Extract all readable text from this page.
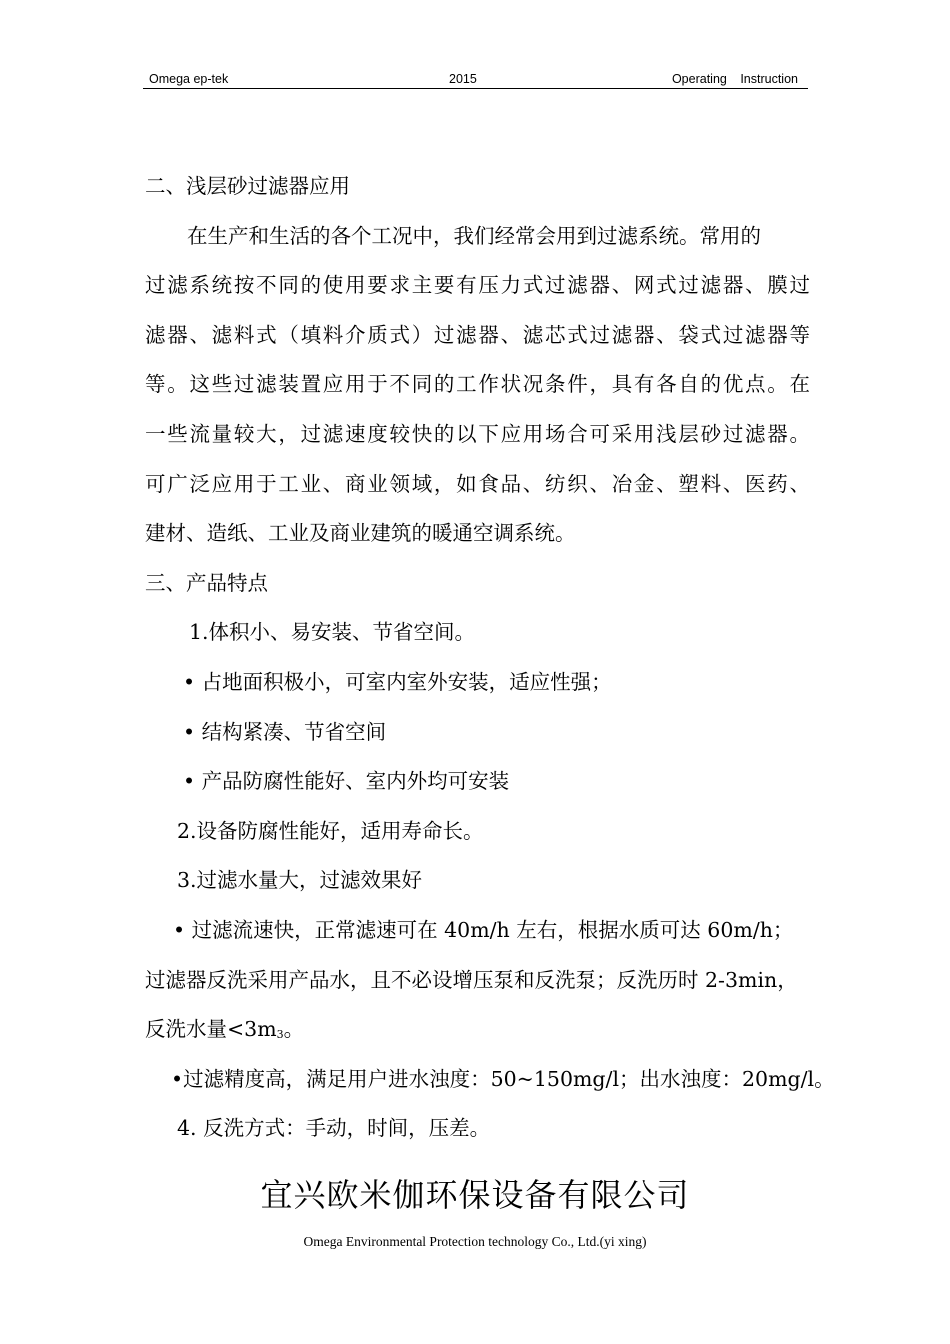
Omega ep-tek	2015	Operating Instruction
二、浅层砂过滤器应用
在生产和生活的各个工况中，我们经常会用到过滤系统。常用的
过滤系统按不同的使用要求主要有压力式过滤器、网式过滤器、膜过
滤器、滤料式（填料介质式）过滤器、滤芯式过滤器、袋式过滤器等
等。这些过滤装置应用于不同的工作状况条件，具有各自的优点。在
一些流量较大，过滤速度较快的以下应用场合可采用浅层砂过滤器。
可广泛应用于工业、商业领域，如食品、纺织、冶金、塑料、医药、
建材、造纸、工业及商业建筑的暖通空调系统。
三、产品特点
1.体积小、易安装、节省空间。
• 占地面积极小，可室内室外安装，适应性强；
• 结构紧凑、节省空间
• 产品防腐性能好、室内外均可安装
2.设备防腐性能好，适用寿命长。
3.过滤水量大，过滤效果好
• 过滤流速快，正常滤速可在 40m/h 左右，根据水质可达 60m/h；
过滤器反洗采用产品水，且不必设增压泵和反洗泵；反洗历时 2-3min，
反洗水量<3m3。
•过滤精度高，满足用户进水浊度：50~150mg/l；出水浊度：20mg/l。
4. 反洗方式：手动，时间，压差。
宜兴欧米伽环保设备有限公司
Omega Environmental Protection technology Co., Ltd.(yi xing)
